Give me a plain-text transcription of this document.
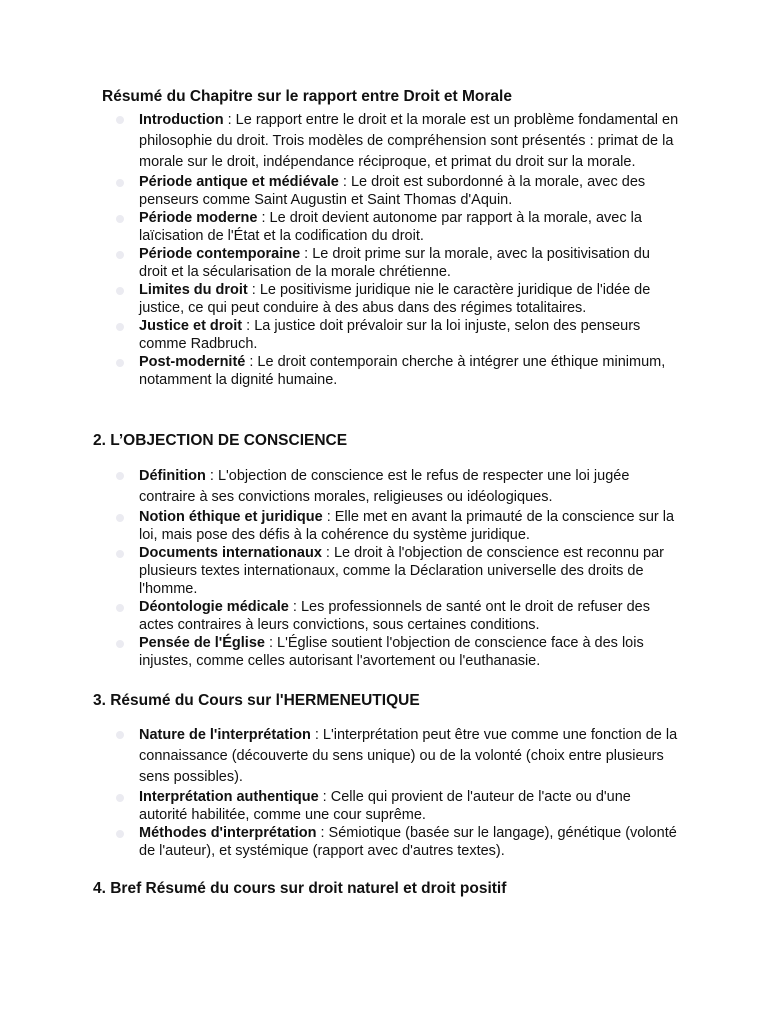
Résumé du Chapitre sur le rapport entre Droit et Morale
Introduction : Le rapport entre le droit et la morale est un problème fondamental en philosophie du droit. Trois modèles de compréhension sont présentés : primat de la morale sur le droit, indépendance réciproque, et primat du droit sur la morale.
Période antique et médiévale : Le droit est subordonné à la morale, avec des penseurs comme Saint Augustin et Saint Thomas d'Aquin.
Période moderne : Le droit devient autonome par rapport à la morale, avec la laïcisation de l'État et la codification du droit.
Période contemporaine : Le droit prime sur la morale, avec la positivisation du droit et la sécularisation de la morale chrétienne.
Limites du droit : Le positivisme juridique nie le caractère juridique de l'idée de justice, ce qui peut conduire à des abus dans des régimes totalitaires.
Justice et droit : La justice doit prévaloir sur la loi injuste, selon des penseurs comme Radbruch.
Post-modernité : Le droit contemporain cherche à intégrer une éthique minimum, notamment la dignité humaine.
2. L’OBJECTION DE CONSCIENCE
Définition : L'objection de conscience est le refus de respecter une loi jugée contraire à ses convictions morales, religieuses ou idéologiques.
Notion éthique et juridique : Elle met en avant la primauté de la conscience sur la loi, mais pose des défis à la cohérence du système juridique.
Documents internationaux : Le droit à l'objection de conscience est reconnu par plusieurs textes internationaux, comme la Déclaration universelle des droits de l'homme.
Déontologie médicale : Les professionnels de santé ont le droit de refuser des actes contraires à leurs convictions, sous certaines conditions.
Pensée de l'Église : L'Église soutient l'objection de conscience face à des lois injustes, comme celles autorisant l'avortement ou l'euthanasie.
3. Résumé du Cours sur l'HERMENEUTIQUE
Nature de l'interprétation : L'interprétation peut être vue comme une fonction de la connaissance (découverte du sens unique) ou de la volonté (choix entre plusieurs sens possibles).
Interprétation authentique : Celle qui provient de l'auteur de l'acte ou d'une autorité habilitée, comme une cour suprême.
Méthodes d'interprétation : Sémiotique (basée sur le langage), génétique (volonté de l'auteur), et systémique (rapport avec d'autres textes).
4. Bref Résumé du cours sur droit naturel et droit positif
